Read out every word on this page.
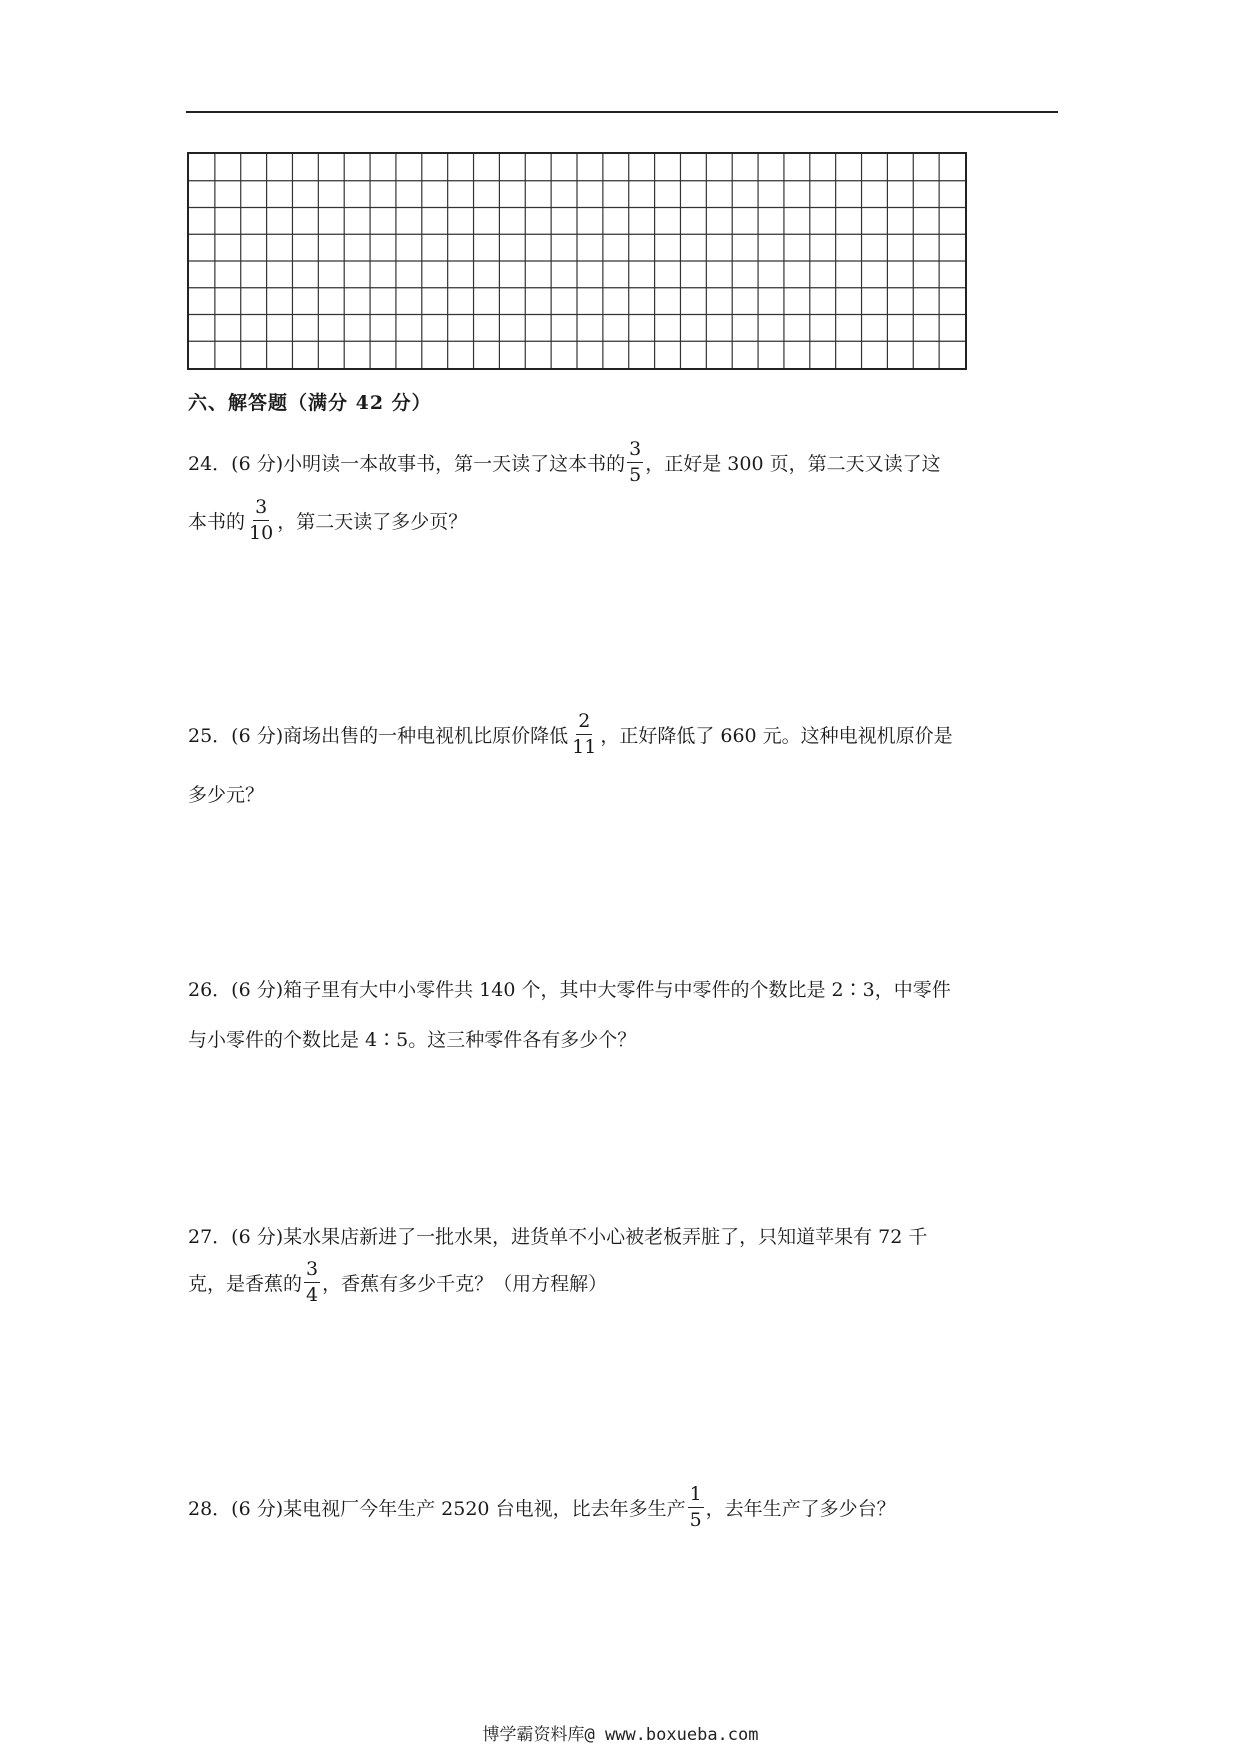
六、解答题（满分 42 分）
24．(6 分)小明读一本故事书，第一天读了这本书的 $\frac{3}{5}$ ，正好是 300 页，第二天又读了这
本书的 $\frac{3}{10}$ ，第二天读了多少页？
25．(6 分)商场出售的一种电视机比原价降低 $\frac{2}{11}$ ，正好降低了 660 元。这种电视机原价是
多少元？
26．(6 分)箱子里有大中小零件共 140 个，其中大零件与中零件的个数比是 2∶3，中零件
与小零件的个数比是 4∶5。这三种零件各有多少个？
27．(6 分)某水果店新进了一批水果，进货单不小心被老板弄脏了，只知道苹果有 72 千
克，是香蕉的 $\frac{3}{4}$ ，香蕉有多少千克？（用方程解）
28．(6 分)某电视厂今年生产 2520 台电视，比去年多生产 $\frac{1}{5}$ ，去年生产了多少台？
博学霸资料库@ www.boxueba.com
